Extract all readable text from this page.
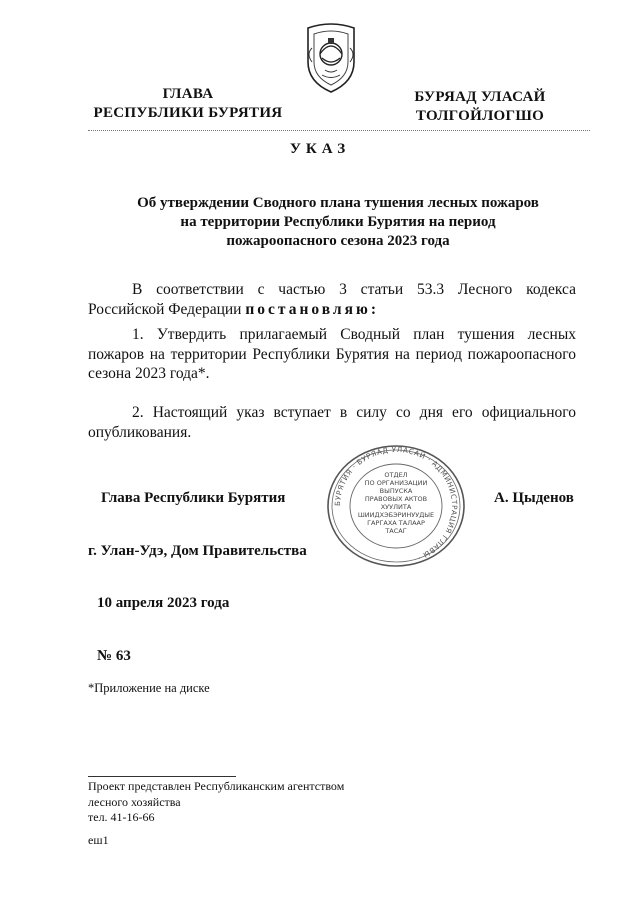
ГЛАВА
РЕСПУБЛИКИ БУРЯТИЯ
БУРЯАД УЛАСАЙ
ТОЛГОЙЛОГШО
УКАЗ
Об утверждении Сводного плана тушения лесных пожаров
на территории Республики Бурятия на период
пожароопасного сезона 2023 года
В соответствии с частью 3 статьи 53.3 Лесного кодекса Российской Федерации постановляю:
1. Утвердить прилагаемый Сводный план тушения лесных пожаров на территории Республики Бурятия на период пожароопасного сезона 2023 года*.
2. Настоящий указ вступает в силу со дня его официального опубликования.
БУРЯТИЯ · БУРЯАД УЛАСАЙ · АДМИНИСТРАЦИЯ ГЛАВЫ ·
ОТДЕЛ
ПО ОРГАНИЗАЦИИ
ВЫПУСКА
ПРАВОВЫХ АКТОВ
ХУУЛИТА
ШИИДХЭБЭРИНУУДЫЕ
ГАРГАХА ТАЛААР
ТАСАГ
Глава Республики Бурятия	А. Цыденов
г. Улан-Удэ, Дом Правительства
10 апреля 2023 года
№ 63
*Приложение на диске
Проект представлен Республиканским агентством
лесного хозяйства
тел. 41-16-66
еш1
